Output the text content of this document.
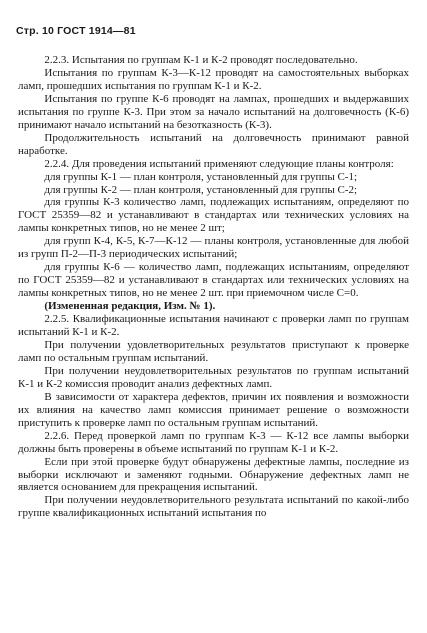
Стр. 10 ГОСТ 1914—81

2.2.3. Испытания по группам К-1 и К-2 проводят последовательно.

Испытания по группам К-3—К-12 проводят на самостоятельных выборках ламп, прошедших испытания по группам К-1 и К-2.

Испытания по группе К-6 проводят на лампах, прошедших и выдержавших испытания по группе К-3. При этом за начало испытаний на долговечность (К-6) принимают начало испытаний на безотказность (К-3).

Продолжительность испытаний на долговечность принимают равной наработке.

2.2.4. Для проведения испытаний применяют следующие планы контроля:

для группы К-1 — план контроля, установленный для группы С-1;

для группы К-2 — план контроля, установленный для группы С-2;

для группы К-3 количество ламп, подлежащих испытаниям, определяют по ГОСТ 25359—82 и устанавливают в стандартах или технических условиях на лампы конкретных типов, но не менее 2 шт;

для групп К-4, К-5, К-7—К-12 — планы контроля, установленные для любой из групп П-2—П-3 периодических испытаний;

для группы К-6 — количество ламп, подлежащих испытаниям, определяют по ГОСТ 25359—82 и устанавливают в стандартах или технических условиях на лампы конкретных типов, но не менее 2 шт. при приемочном числе С=0.

(Измененная редакция, Изм. № 1).

2.2.5. Квалификационные испытания начинают с проверки ламп по группам испытаний К-1 и К-2.

При получении удовлетворительных результатов приступают к проверке ламп по остальным группам испытаний.

При получении неудовлетворительных результатов по группам испытаний К-1 и К-2 комиссия проводит анализ дефектных ламп.

В зависимости от характера дефектов, причин их появления и возможности их влияния на качество ламп комиссия принимает решение о возможности приступить к проверке ламп по остальным группам испытаний.

2.2.6. Перед проверкой ламп по группам К-3 — К-12 все лампы выборки должны быть проверены в объеме испытаний по группам К-1 и К-2.

Если при этой проверке будут обнаружены дефектные лампы, последние из выборки исключают и заменяют годными. Обнаружение дефектных ламп не является основанием для прекращения испытаний.

При получении неудовлетворительного результата испытаний по какой-либо группе квалификационных испытаний испытания по
